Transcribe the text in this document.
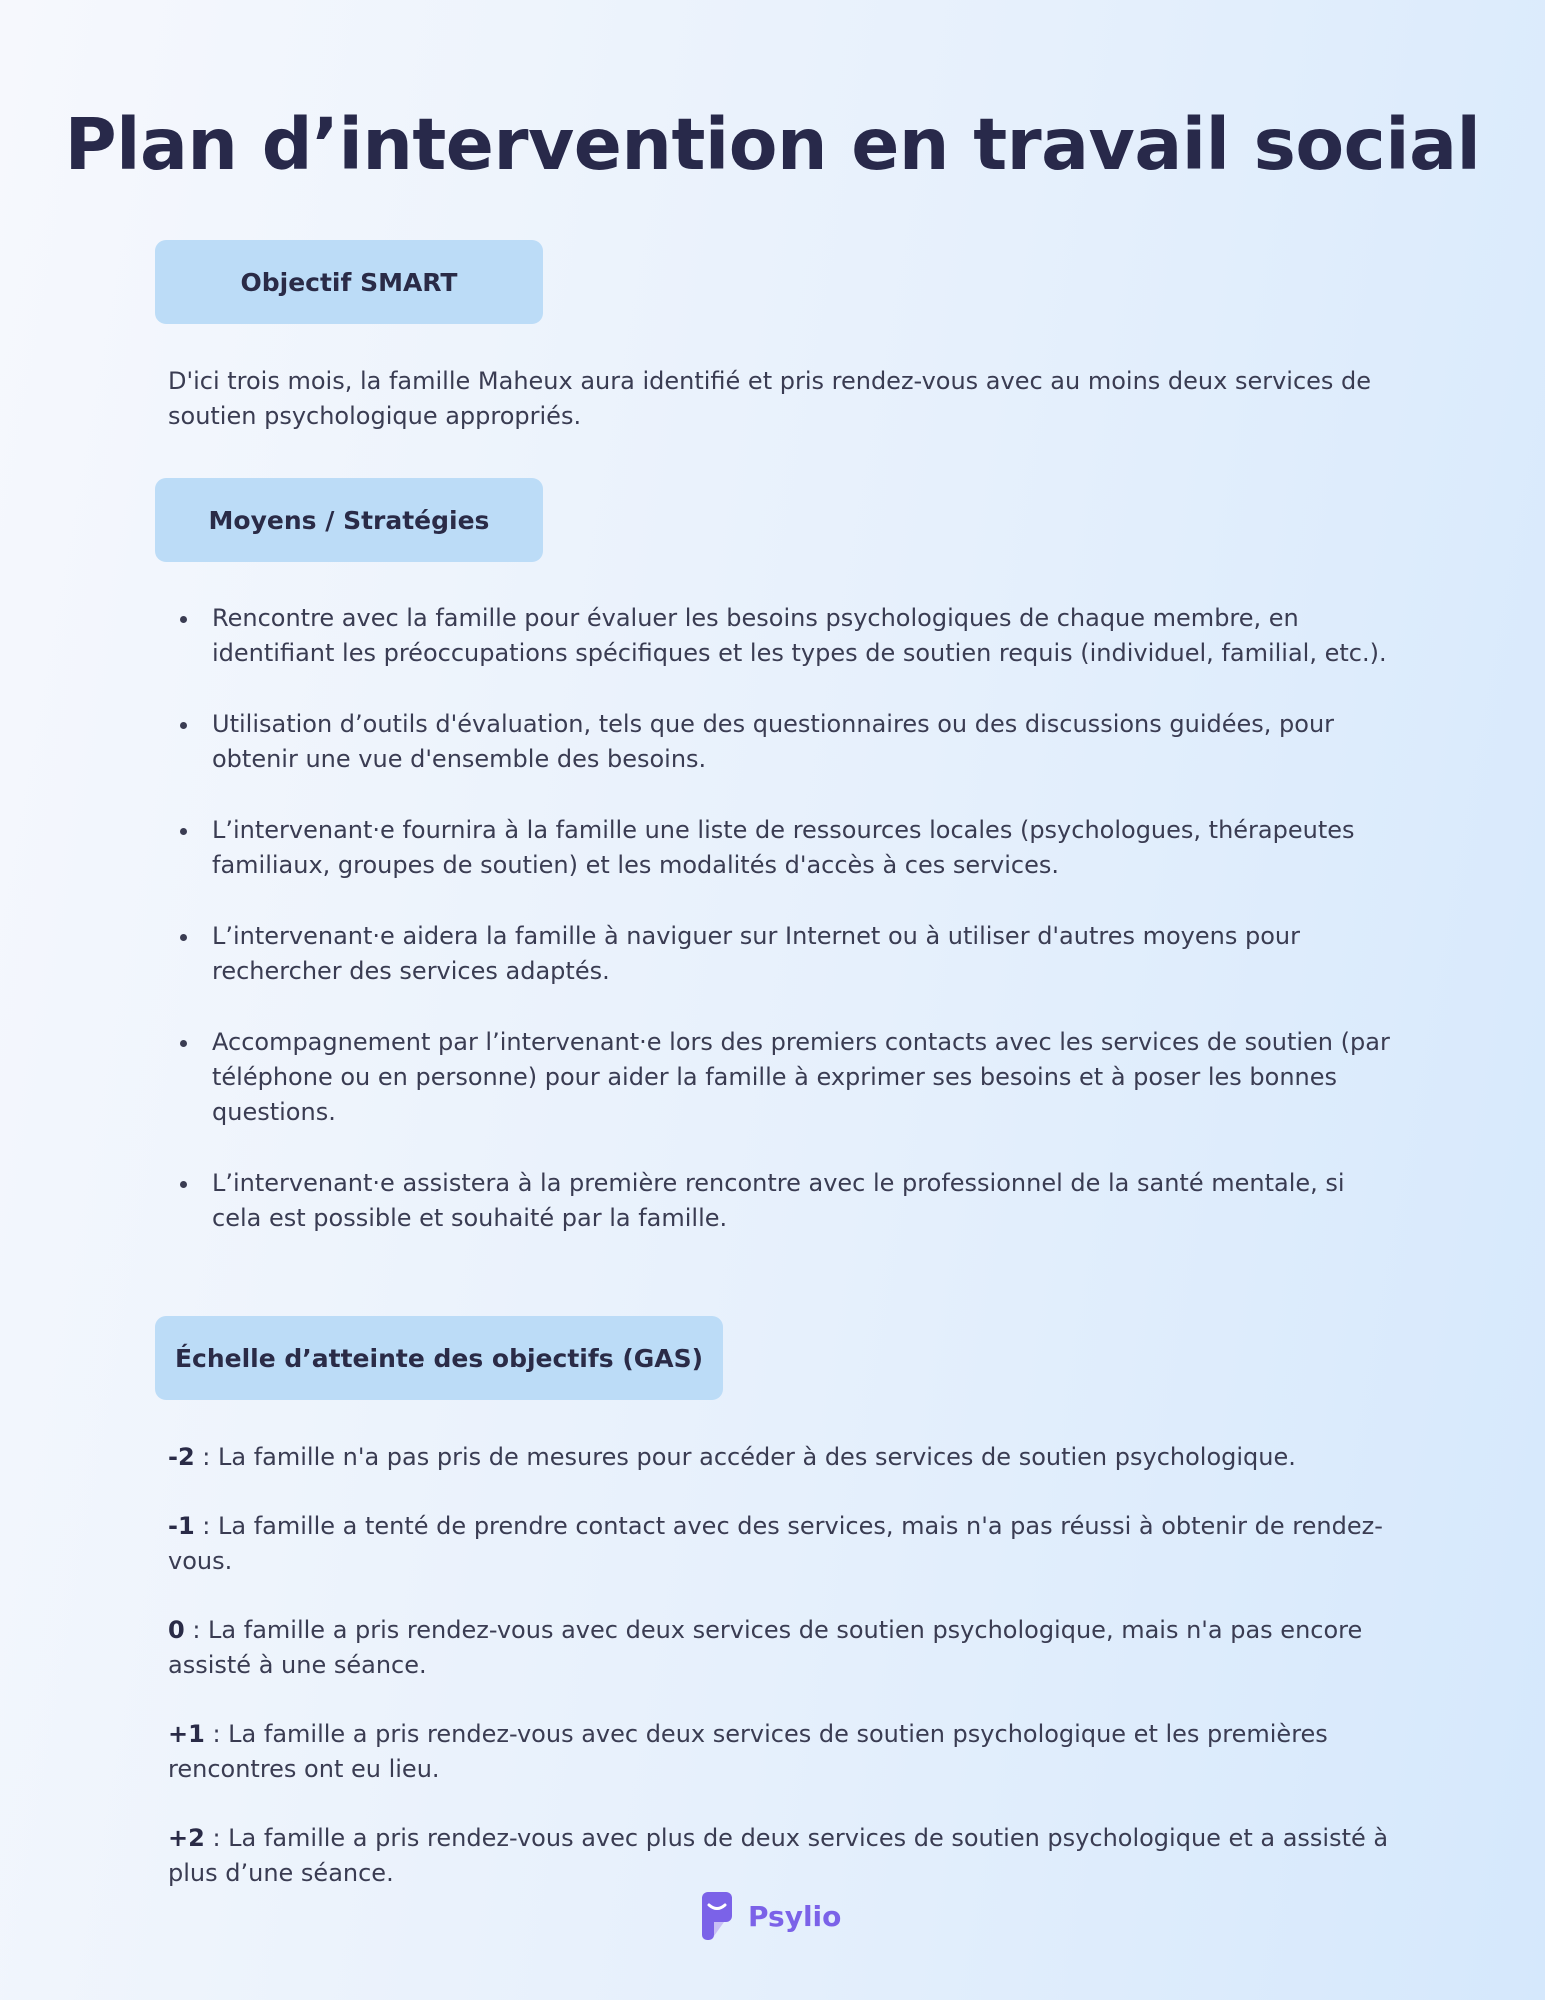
Plan d’intervention en travail social
Objectif SMART

D'ici trois mois, la famille Maheux aura identifié et pris rendez-vous avec au moins deux services de soutien psychologique appropriés.

Moyens / Stratégies
Rencontre avec la famille pour évaluer les besoins psychologiques de chaque membre, en identifiant les préoccupations spécifiques et les types de soutien requis (individuel, familial, etc.).
Utilisation d’outils d'évaluation, tels que des questionnaires ou des discussions guidées, pour obtenir une vue d'ensemble des besoins.
L’intervenant·e fournira à la famille une liste de ressources locales (psychologues, thérapeutes familiaux, groupes de soutien) et les modalités d'accès à ces services.
L’intervenant·e aidera la famille à naviguer sur Internet ou à utiliser d'autres moyens pour rechercher des services adaptés.
Accompagnement par l’intervenant·e lors des premiers contacts avec les services de soutien (par téléphone ou en personne) pour aider la famille à exprimer ses besoins et à poser les bonnes questions.
L’intervenant·e assistera à la première rencontre avec le professionnel de la santé mentale, si cela est possible et souhaité par la famille.
Échelle d’atteinte des objectifs (GAS)
-2 : La famille n'a pas pris de mesures pour accéder à des services de soutien psychologique.
-1 : La famille a tenté de prendre contact avec des services, mais n'a pas réussi à obtenir de rendez-vous.
0 : La famille a pris rendez-vous avec deux services de soutien psychologique, mais n'a pas encore assisté à une séance.
+1 : La famille a pris rendez-vous avec deux services de soutien psychologique et les premières rencontres ont eu lieu.
+2 : La famille a pris rendez-vous avec plus de deux services de soutien psychologique et a assisté à plus d’une séance.
Psylio
